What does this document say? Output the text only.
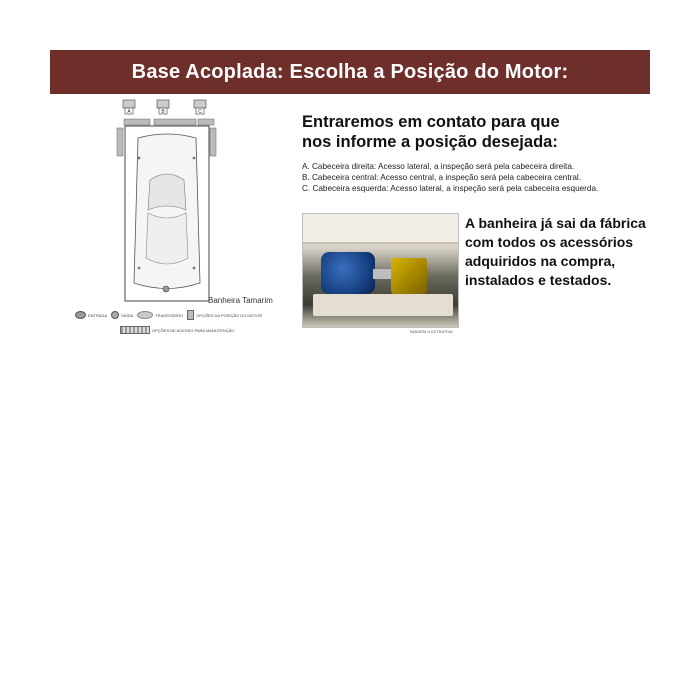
Base Acoplada: Escolha a Posição do Motor:
A	B	C
Banheira Tamarim
ENTRADA	SAÍDA	TRAVESSEIRO	OPÇÕES DA POSIÇÃO DO MOTOR
OPÇÕES DE ACESSO PARA MANUTENÇÃO
Entraremos em contato para que
nos informe a posição desejada:
A. Cabeceira direita: Acesso lateral, a inspeção será pela cabeceira direita.
B. Cabeceira central: Acesso central, a inspeção será pela cabeceira central.
C. Cabeceira esquerda: Acesso lateral, a inspeção será pela cabeceira esquerda.
IMAGEM ILUSTRATIVA
A banheira já sai da fábrica
com todos os acessórios
adquiridos na compra,
instalados e testados.
